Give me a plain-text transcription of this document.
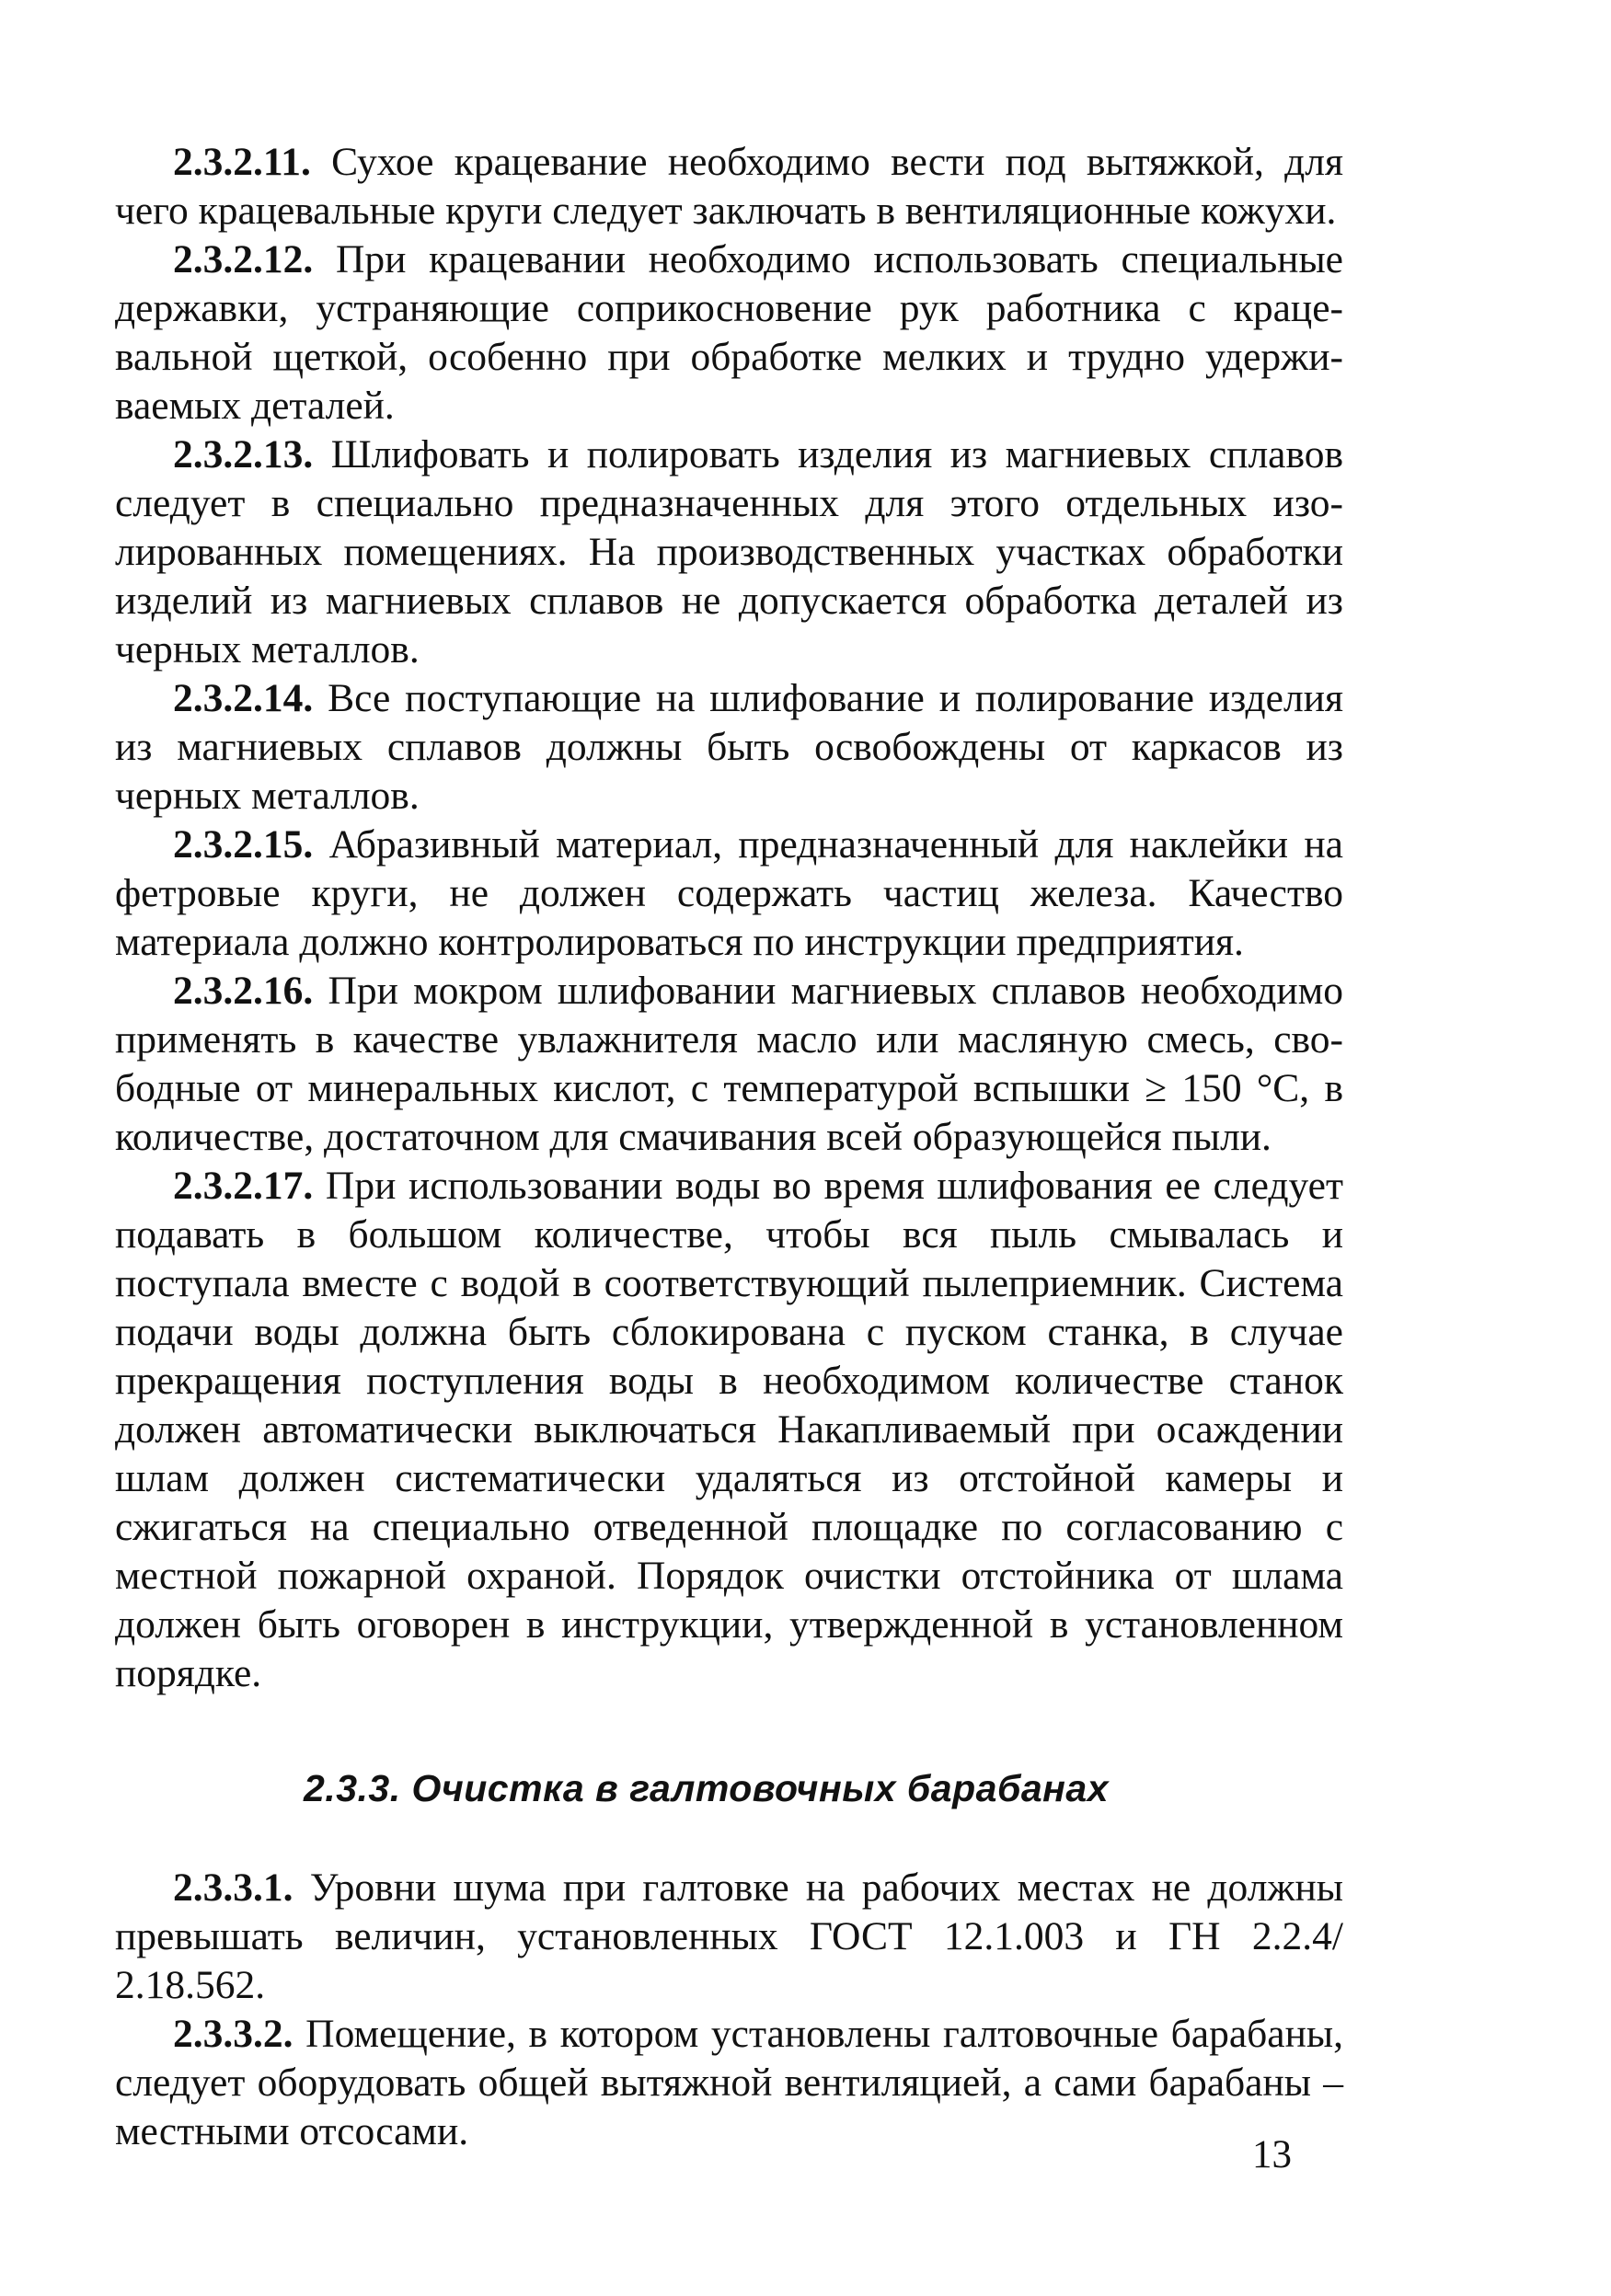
2.3.2.11. Сухое крацевание необходимо вести под вытяжкой, для чего крацевальные круги следует заключать в вентиляционные кожухи.

2.3.2.12. При крацевании необходимо использовать специальные державки, устраняющие соприкосновение рук работника с крацевальной щеткой, особенно при обработке мелких и трудно удерживаемых деталей.

2.3.2.13. Шлифовать и полировать изделия из магниевых сплавов следует в специально предназначенных для этого отдельных изолированных помещениях. На производственных участках обработки изделий из магниевых сплавов не допускается обработка деталей из черных металлов.

2.3.2.14. Все поступающие на шлифование и полирование изделия из магниевых сплавов должны быть освобождены от каркасов из черных металлов.

2.3.2.15. Абразивный материал, предназначенный для наклейки на фетровые круги, не должен содержать частиц железа. Качество материала должно контролироваться по инструкции предприятия.

2.3.2.16. При мокром шлифовании магниевых сплавов необходимо применять в качестве увлажнителя масло или масляную смесь, свободные от минеральных кислот, с температурой вспышки ≥ 150 °С, в количестве, достаточном для смачивания всей образующейся пыли.

2.3.2.17. При использовании воды во время шлифования ее следует подавать в большом количестве, чтобы вся пыль смывалась и поступала вместе с водой в соответствующий пылеприемник. Система подачи воды должна быть сблокирована с пуском станка, в случае прекращения поступления воды в необходимом количестве станок должен автоматически выключаться Накапливаемый при осаждении шлам должен систематически удаляться из отстойной камеры и сжигаться на специально отведенной площадке по согласованию с местной пожарной охраной. Порядок очистки отстойника от шлама должен быть оговорен в инструкции, утвержденной в установленном порядке.

2.3.3. Очистка в галтовочных барабанах

2.3.3.1. Уровни шума при галтовке на рабочих местах не должны превышать величин, установленных ГОСТ 12.1.003 и ГН 2.2.4/ 2.18.562.

2.3.3.2. Помещение, в котором установлены галтовочные барабаны, следует оборудовать общей вытяжной вентиляцией, а сами барабаны – местными отсосами.

13
